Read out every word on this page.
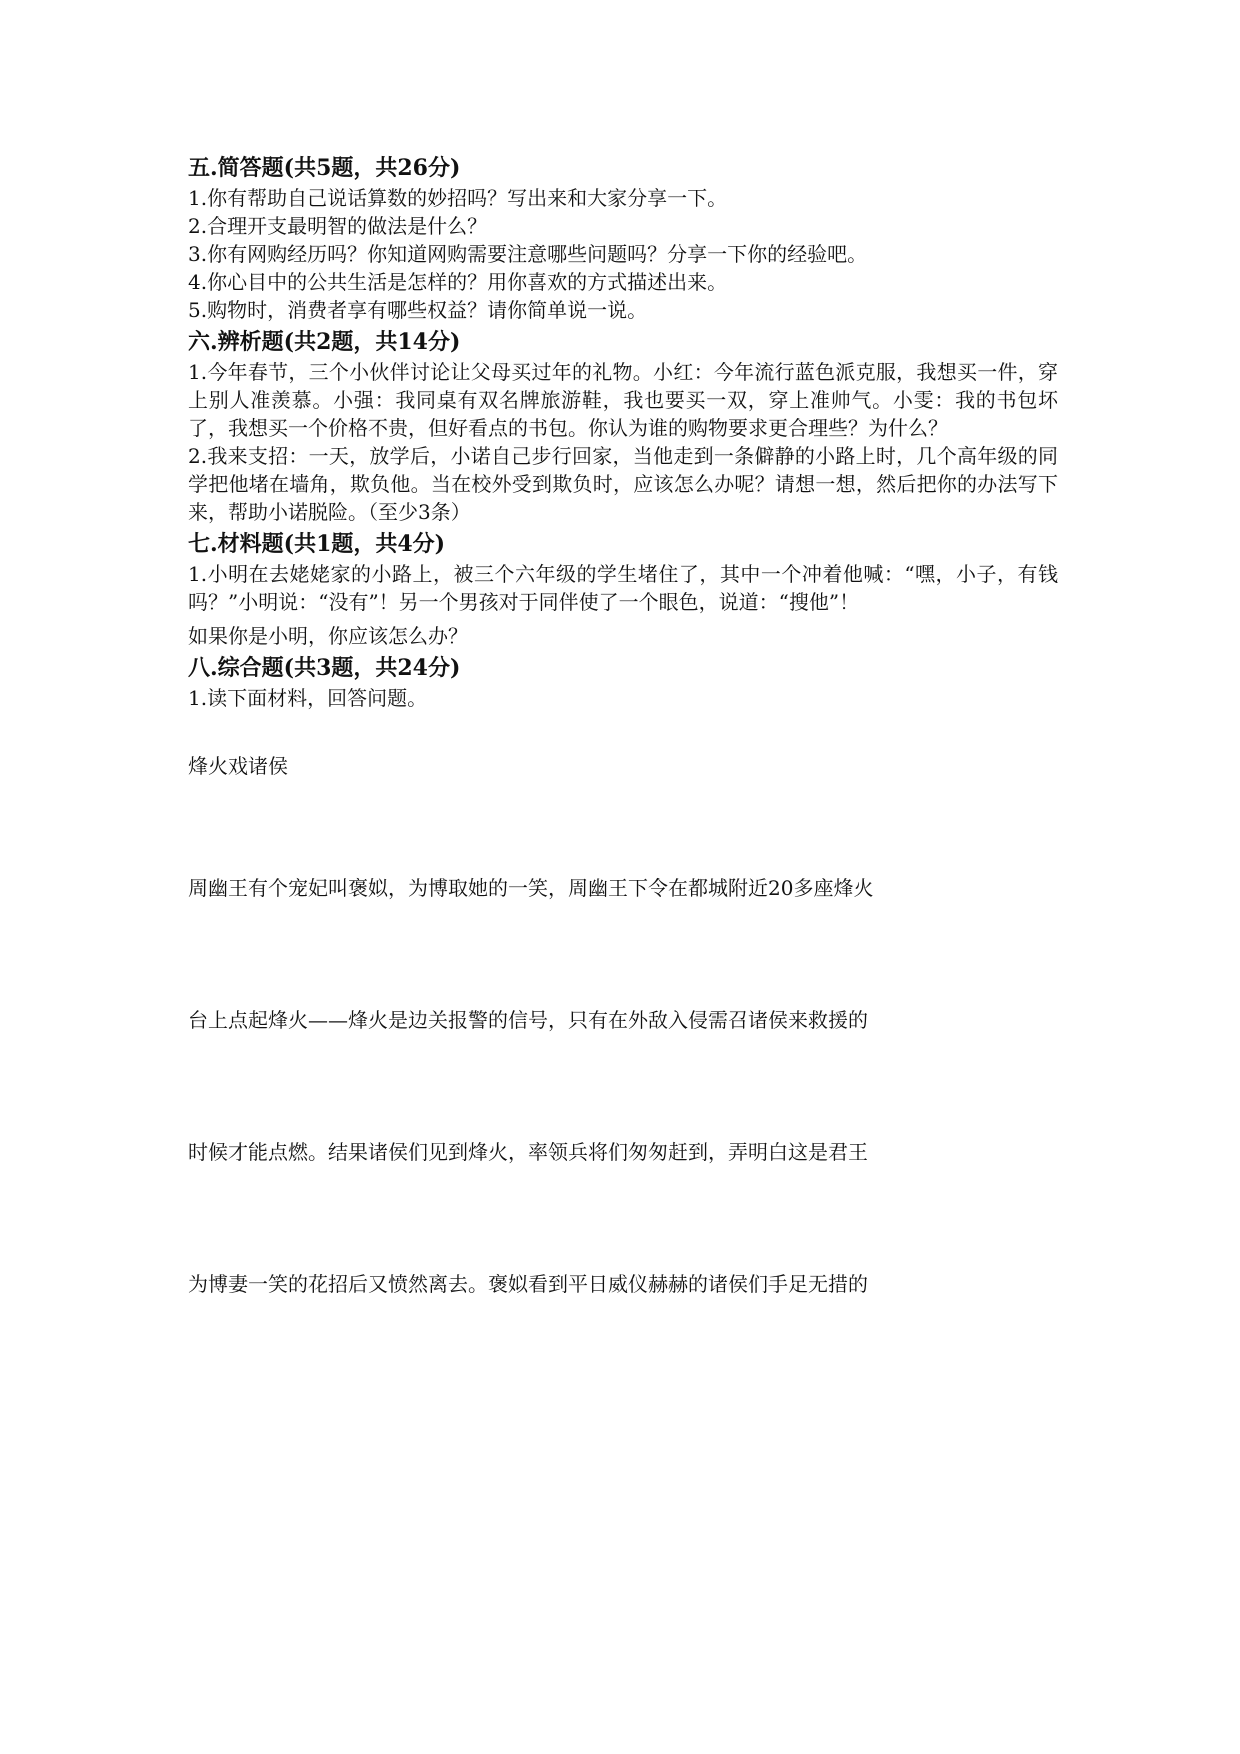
五.简答题(共5题，共26分)

1.你有帮助自己说话算数的妙招吗？写出来和大家分享一下。

2.合理开支最明智的做法是什么？

3.你有网购经历吗？你知道网购需要注意哪些问题吗？分享一下你的经验吧。

4.你心目中的公共生活是怎样的？用你喜欢的方式描述出来。

5.购物时，消费者享有哪些权益？请你简单说一说。

六.辨析题(共2题，共14分)

1.今年春节，三个小伙伴讨论让父母买过年的礼物。小红：今年流行蓝色派克服，我想买一件，穿上别人准羡慕。小强：我同桌有双名牌旅游鞋，我也要买一双，穿上准帅气。小雯：我的书包坏了，我想买一个价格不贵，但好看点的书包。你认为谁的购物要求更合理些？为什么？

2.我来支招：一天，放学后，小诺自己步行回家，当他走到一条僻静的小路上时，几个高年级的同学把他堵在墙角，欺负他。当在校外受到欺负时，应该怎么办呢？请想一想，然后把你的办法写下来，帮助小诺脱险。（至少3条）

七.材料题(共1题，共4分)

1.小明在去姥姥家的小路上，被三个六年级的学生堵住了，其中一个冲着他喊：“嘿，小子，有钱吗？”小明说：“没有”！另一个男孩对于同伴使了一个眼色，说道：“搜他”！

如果你是小明，你应该怎么办？

八.综合题(共3题，共24分)

1.读下面材料，回答问题。

烽火戏诸侯

周幽王有个宠妃叫褒姒，为博取她的一笑，周幽王下令在都城附近20多座烽火

台上点起烽火——烽火是边关报警的信号，只有在外敌入侵需召诸侯来救援的

时候才能点燃。结果诸侯们见到烽火，率领兵将们匆匆赶到，弄明白这是君王

为博妻一笑的花招后又愤然离去。褒姒看到平日威仪赫赫的诸侯们手足无措的
